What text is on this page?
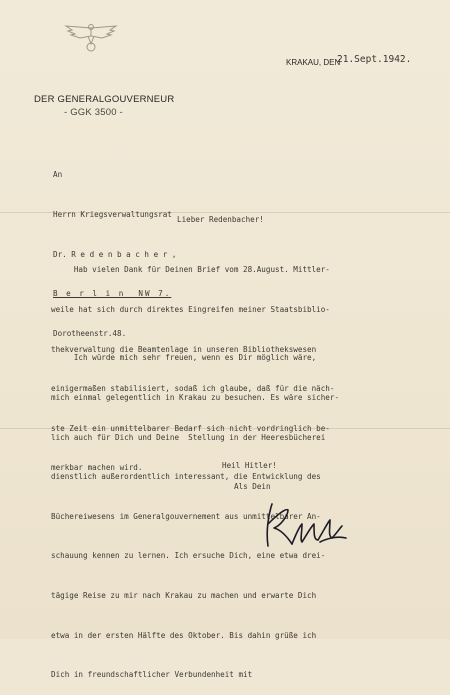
DER GENERALGOUVERNEUR
- GGK 3500 -
KRAKAU, DEN
21.Sept.1942.

An

Herrn Kriegsverwaltungsrat

Dr. R e d e n b a c h e r ,

B e r l i n  NW 7.

Dorotheenstr.48.

Lieber Redenbacher!

Hab vielen Dank für Deinen Brief vom 28.August. Mittler-

weile hat sich durch direktes Eingreifen meiner Staatsbiblio-

thekverwaltung die Beamtenlage in unseren Bibliothekswesen

einigermaßen stabilisiert, sodaß ich glaube, daß für die näch-

ste Zeit ein unmittelbarer Bedarf sich nicht vordringlich be-

merkbar machen wird.

Ich würde mich sehr freuen, wenn es Dir möglich wäre,

mich einmal gelegentlich in Krakau zu besuchen. Es wäre sicher-

lich auch für Dich und Deine  Stellung in der Heeresbücherei

dienstlich außerordentlich interessant, die Entwicklung des

Büchereiwesens im Generalgouvernement aus unmittelbarer An-

schauung kennen zu lernen. Ich ersuche Dich, eine etwa drei-

tägige Reise zu mir nach Krakau zu machen und erwarte Dich

etwa in der ersten Hälfte des Oktober. Bis dahin grüße ich

Dich in freundschaftlicher Verbundenheit mit

Heil Hitler!
Als Dein
